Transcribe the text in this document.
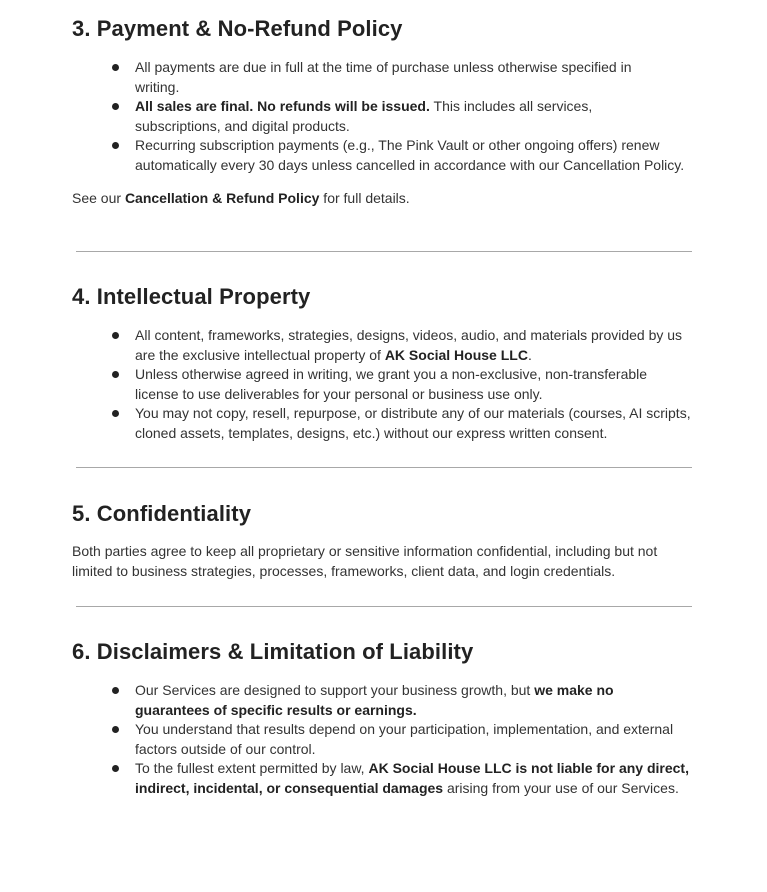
3. Payment & No-Refund Policy
All payments are due in full at the time of purchase unless otherwise specified in writing.
All sales are final. No refunds will be issued. This includes all services, subscriptions, and digital products.
Recurring subscription payments (e.g., The Pink Vault or other ongoing offers) renew automatically every 30 days unless cancelled in accordance with our Cancellation Policy.

See our Cancellation & Refund Policy for full details.

4. Intellectual Property
All content, frameworks, strategies, designs, videos, audio, and materials provided by us are the exclusive intellectual property of AK Social House LLC.
Unless otherwise agreed in writing, we grant you a non-exclusive, non-transferable license to use deliverables for your personal or business use only.
You may not copy, resell, repurpose, or distribute any of our materials (courses, AI scripts, cloned assets, templates, designs, etc.) without our express written consent.
5. Confidentiality

Both parties agree to keep all proprietary or sensitive information confidential, including but not limited to business strategies, processes, frameworks, client data, and login credentials.

6. Disclaimers & Limitation of Liability
Our Services are designed to support your business growth, but we make no guarantees of specific results or earnings.
You understand that results depend on your participation, implementation, and external factors outside of our control.
To the fullest extent permitted by law, AK Social House LLC is not liable for any direct, indirect, incidental, or consequential damages arising from your use of our Services.
